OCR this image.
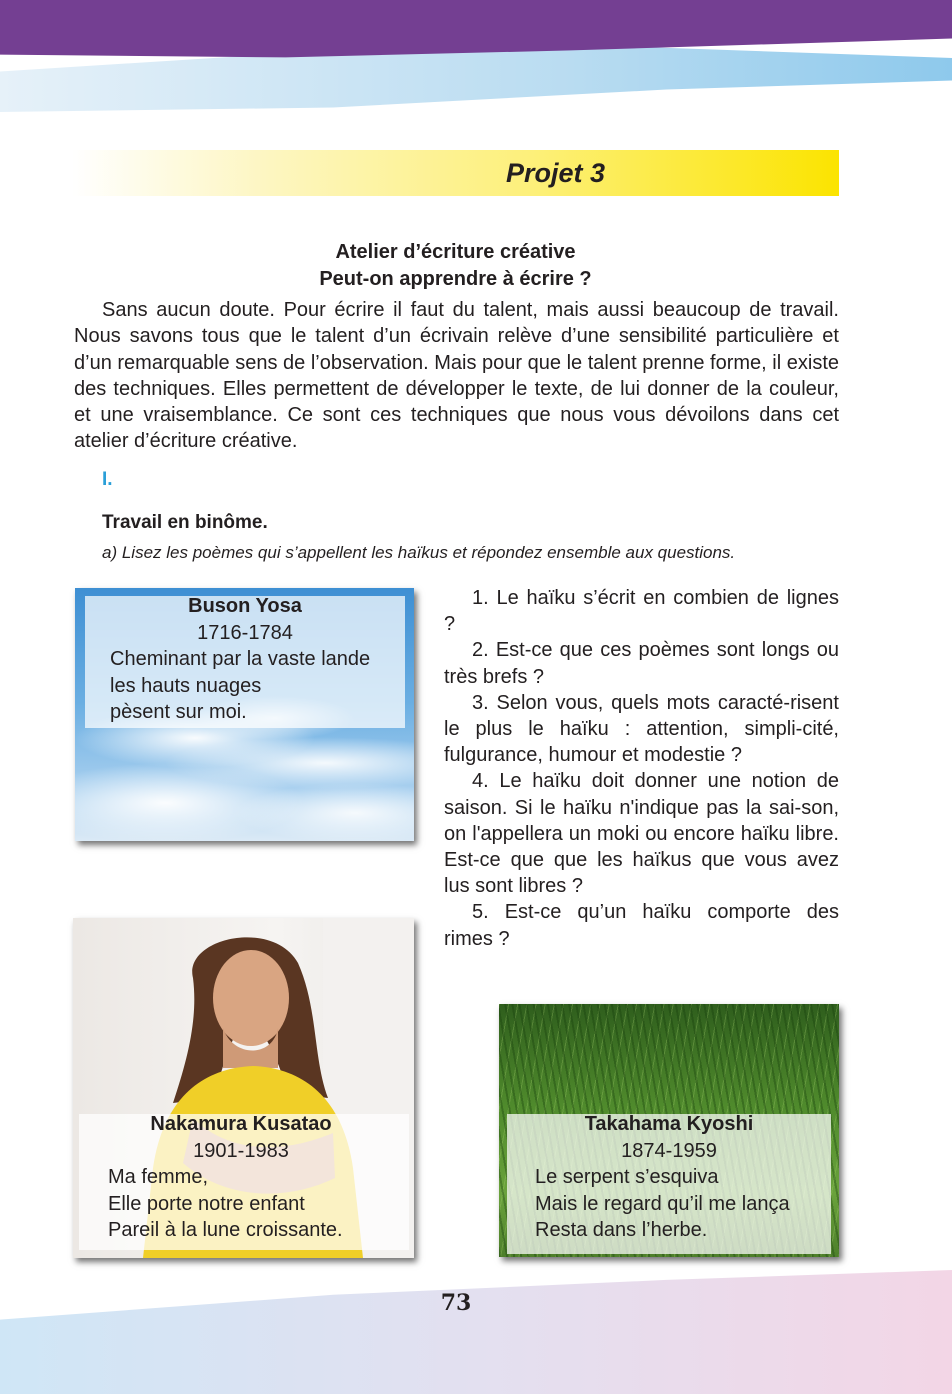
Projet 3
Atelier d’écriture créative
Peut-on apprendre à écrire ?

Sans aucun doute. Pour écrire il faut du talent, mais aussi beaucoup de travail. Nous savons tous que le talent d’un écrivain relève d’une sensibilité particulière et d’un remarquable sens de l’observation. Mais pour que le talent prenne forme, il existe des techniques. Elles permettent de développer le texte, de lui donner de la couleur, et une vraisemblance. Ce sont ces techniques que nous vous dévoilons dans cet atelier d’écriture créative.

I.
Travail en binôme.
a) Lisez les poèmes qui s’appellent les haïkus et répondez ensemble aux questions.
Buson Yosa
1716-1784
Cheminant par la vaste lande
les hauts nuages
pèsent sur moi.
Nakamura Kusatao
1901-1983
Ma femme,
Elle porte notre enfant
Pareil à la lune croissante.
Takahama Kyoshi
1874-1959
Le serpent s’esquiva
Mais le regard qu’il me lança
Resta dans l’herbe.

1. Le haïku s’écrit en combien de lignes ?

2. Est-ce que ces poèmes sont longs ou très brefs ?

3. Selon vous, quels mots caracté-risent le plus le haïku : attention, simpli-cité, fulgurance, humour et modestie ?

4. Le haïku doit donner une notion de saison. Si le haïku n'indique pas la sai-son, on l'appellera un moki ou encore haïku libre. Est-ce que que les haïkus que vous avez lus sont libres ?

5. Est-ce qu’un haïku comporte des rimes ?

73
